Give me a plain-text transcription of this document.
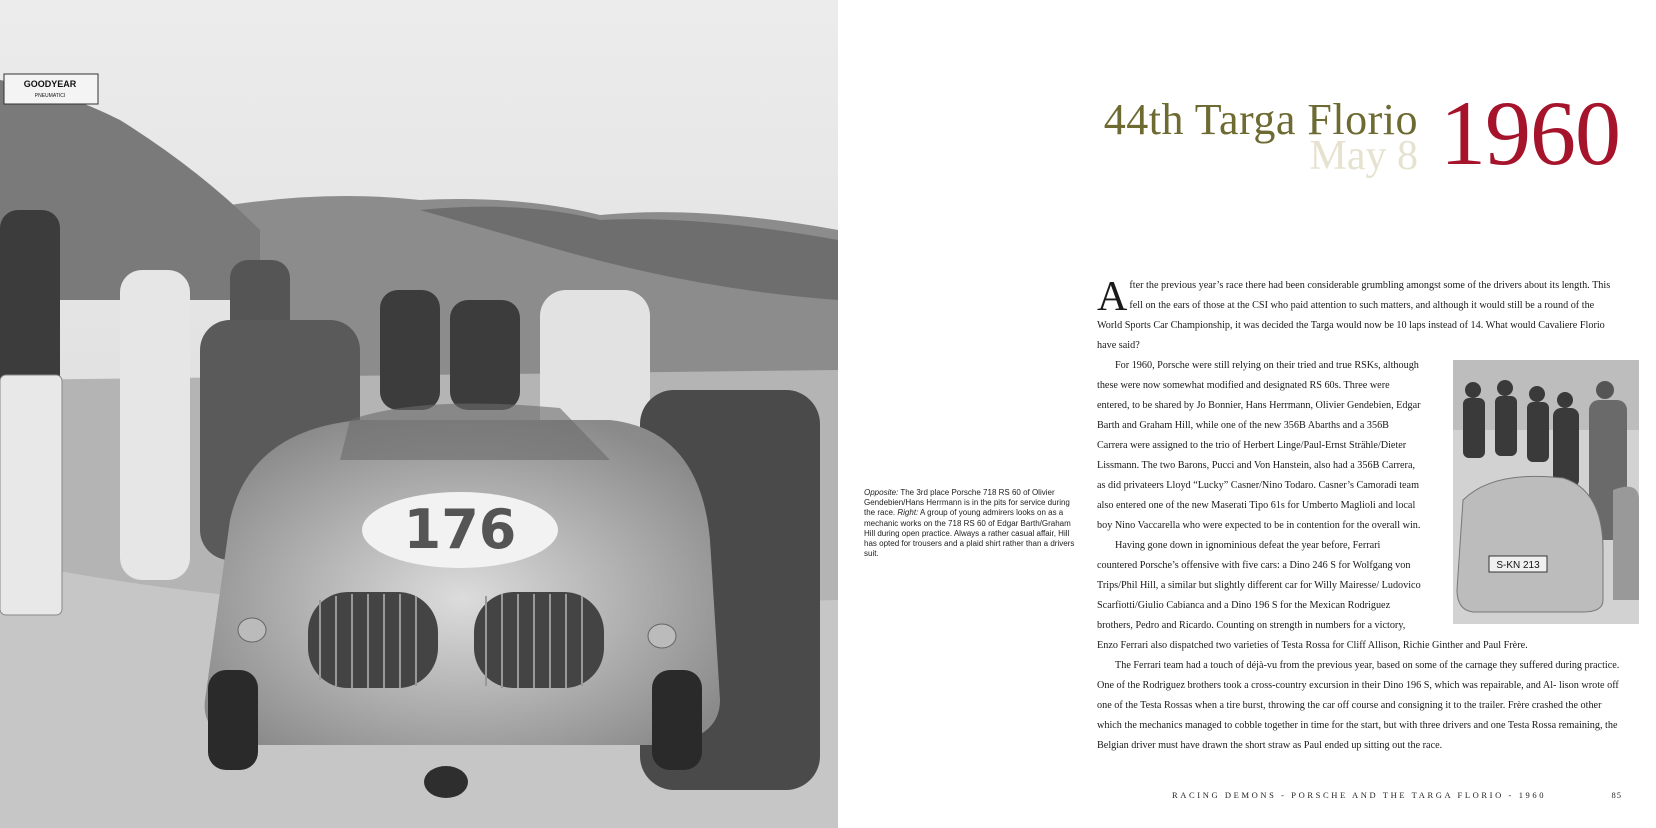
GOODYEAR
PNEUMATICI
176
Opposite: The 3rd place Porsche 718 RS 60 of Olivier Gendebien/Hans Herrmann is in the pits for service during the race. Right: A group of young admirers looks on as a mechanic works on the 718 RS 60 of Edgar Barth/Graham Hill during open practice. Always a rather casual affair, Hill has opted for trousers and a plaid shirt rather than a drivers suit.
44th Targa Florio
May 8 1960

After the previous year’s race there had been considerable grumbling amongst some of the drivers about its length. This fell on the ears of those at the CSI who paid attention to such matters, and although it would still be a round of the World Sports Car Championship, it was decided the Targa would now be 10 laps instead of 14. What would Cavaliere Florio have said?

S-KN 213
For 1960, Porsche were still relying on their tried and true RSKs, although these were now somewhat modified and designated RS 60s. Three were entered, to be shared by Jo Bonnier, Hans Herrmann, Olivier Gendebien, Edgar Barth and Graham Hill, while one of the new 356B Abarths and a 356B Carrera were assigned to the trio of Herbert Linge/Paul-Ernst Strähle/Dieter Lissmann. The two Barons, Pucci and Von Hanstein, also had a 356B Carrera, as did privateers Lloyd “Lucky” Casner/Nino Todaro. Casner’s Camoradi team also entered one of the new Maserati Tipo 61s for Umberto Maglioli and local boy Nino Vaccarella who were expected to be in contention for the overall win.

Having gone down in ignominious defeat the year before, Ferrari countered Porsche’s offensive with five cars: a Dino 246 S for Wolfgang von Trips/Phil Hill, a similar but slightly different car for Willy Mairesse/ Ludovico Scarfiotti/Giulio Cabianca and a Dino 196 S for the Mexican Rodriguez brothers, Pedro and Ricardo. Counting on strength in numbers for a victory, Enzo Ferrari also dispatched two varieties of Testa Rossa for Cliff Allison, Richie Ginther and Paul Frère.

The Ferrari team had a touch of déjà-vu from the previous year, based on some of the carnage they suffered during practice. One of the Rodriguez brothers took a cross-country excursion in their Dino 196 S, which was repairable, and Al- lison wrote off one of the Testa Rossas when a tire burst, throwing the car off course and consigning it to the trailer. Frère crashed the other which the mechanics managed to cobble together in time for the start, but with three drivers and one Testa Rossa remaining, the Belgian driver must have drawn the short straw as Paul ended up sitting out the race.

RACING DEMONS - PORSCHE AND THE TARGA FLORIO - 1960	85
